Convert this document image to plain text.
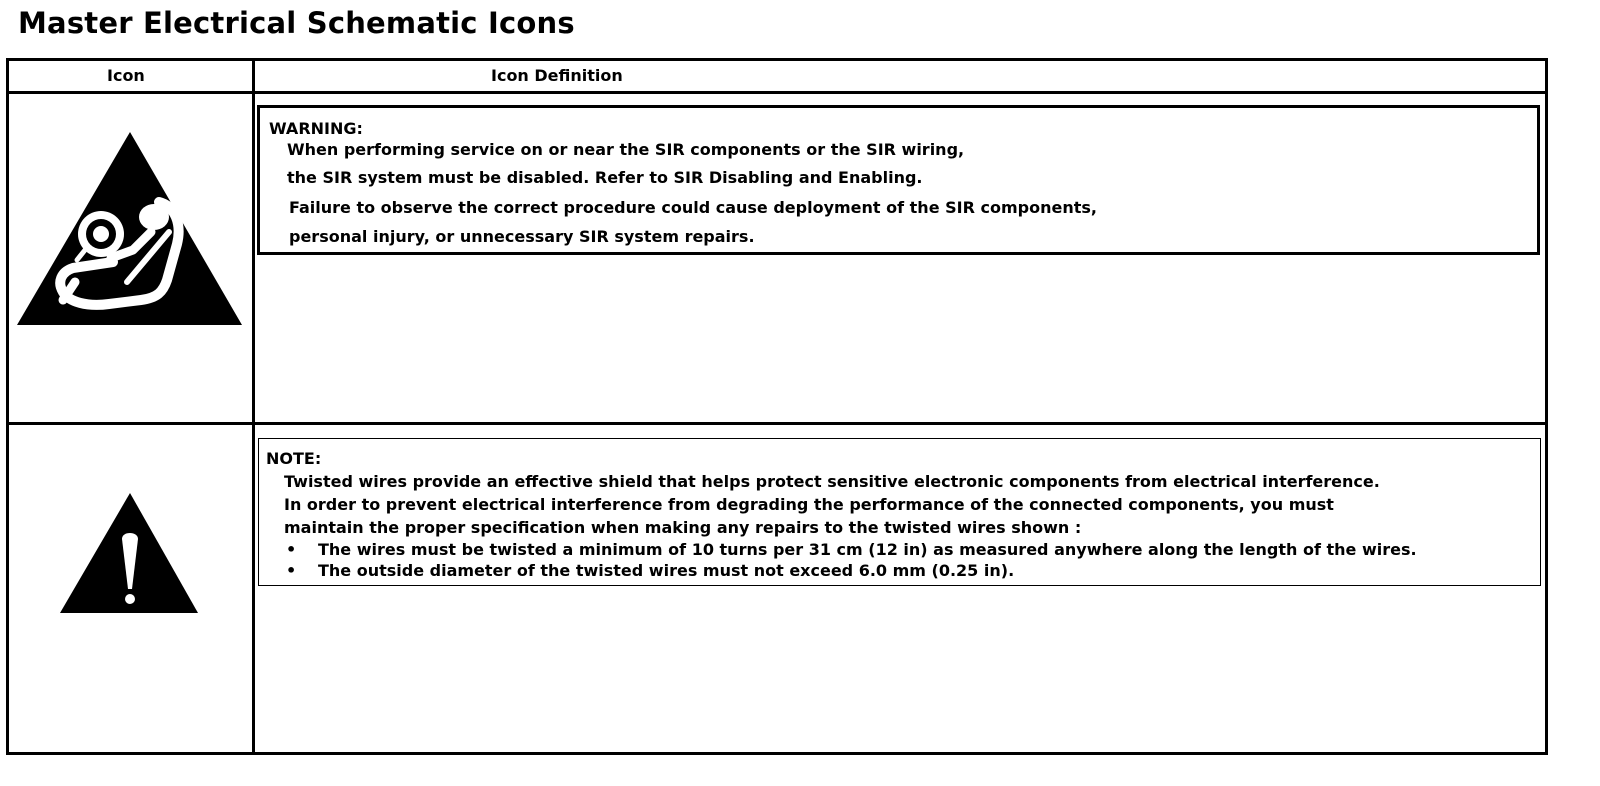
Master Electrical Schematic Icons
Icon	Icon Definition
WARNING:
When performing service on or near the SIR components or the SIR wiring,
the SIR system must be disabled. Refer to SIR Disabling and Enabling.
Failure to observe the correct procedure could cause deployment of the SIR components,
personal injury, or unnecessary SIR system repairs.
NOTE:
Twisted wires provide an effective shield that helps protect sensitive electronic components from electrical interference.
In order to prevent electrical interference from degrading the performance of the connected components, you must
maintain the proper specification when making any repairs to the twisted wires shown :
•	The wires must be twisted a minimum of 10 turns per 31 cm (12 in) as measured anywhere along the length of the wires.
•	The outside diameter of the twisted wires must not exceed 6.0 mm (0.25 in).
